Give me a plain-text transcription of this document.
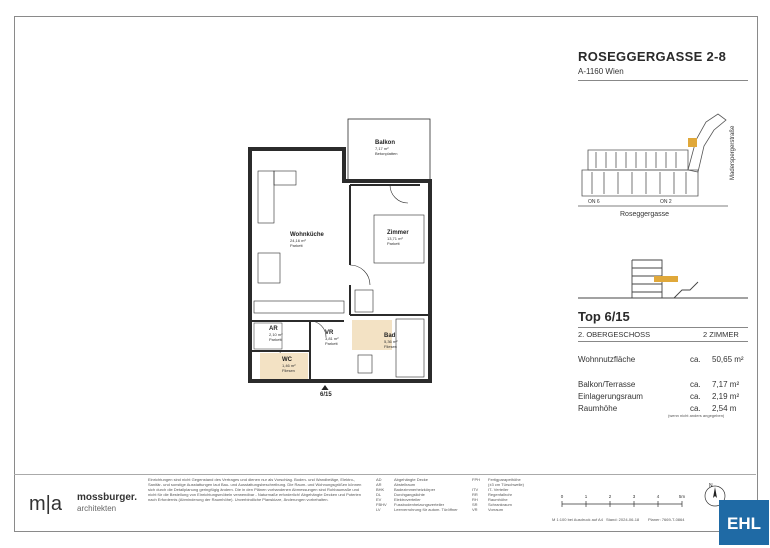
ROSEGGERGASSE 2-8
A-1160 Wien
ON 6	ON 2
Roseggergasse
Maderspergerstraße
Top 6/15
2. OBERGESCHOSS	2 ZIMMER
Wohnnutzfläche	ca. 50,65 m²
Balkon/Terrasse	ca. 7,17 m²
Einlagerungsraum	ca. 2,19 m²
Raumhöhe	ca. 2,54 m
(wenn nicht anders angegeben)
Balkon
7,17 m²
Betonplatten
Wohnküche
24,16 m²
Parkett
Zimmer
13,71 m²
Parkett
AR
2,10 m²
Parkett
VR
3,81 m²
Parkett
Bad
5,36 m²
Fliesen
WC
1,46 m²
Fliesen
6/15
m|a mossburger.
architekten
Einrichtungen sind nicht Gegenstand des Vertrages und dienen nur als Vorschlag. Boden- und Wandbeläge, Elektro-, Sanitär- und sonstige Ausstattungen laut Bau- und Ausstattungsbeschreibung. Die Raum- und Wohnungsgrößen können sich durch die Detailplanung geringfügig ändern. Die in den Plänen vorhandenen Abmessungen sind Rohbaumaße und nicht für die Bestellung von Einrichtungsmöbeln verwendbar - Naturmaße erforderlich! Abgehängte Decken und Poterien nach Erfordernis (Abminderung der Raumhöhe). Unverbindliche Planskizze, Änderungen vorbehalten.
AD	Abgehängte Decke
AR	Abstellraum
BHK Badezimmerheizkörper
DL	Durchgangslichte
EV	Elektroverteiler
FBHV Fussbodenheizungsverteiler
LV	Leerverrohrung für autom. Türöffner
FPH Fertigparapethöhe
(±3 cm Türschwelle)
ITV IT- Verteiler
RR	Regenfallrohr
RH	Raumhöhe
SR	Schrankraum
VR	Vorraum
0	1	2	3	4	5m
M 1:100 bei Ausdruck auf A4 Stand: 2024-06-18 Planer: 7669-T-0864
N
EHL
